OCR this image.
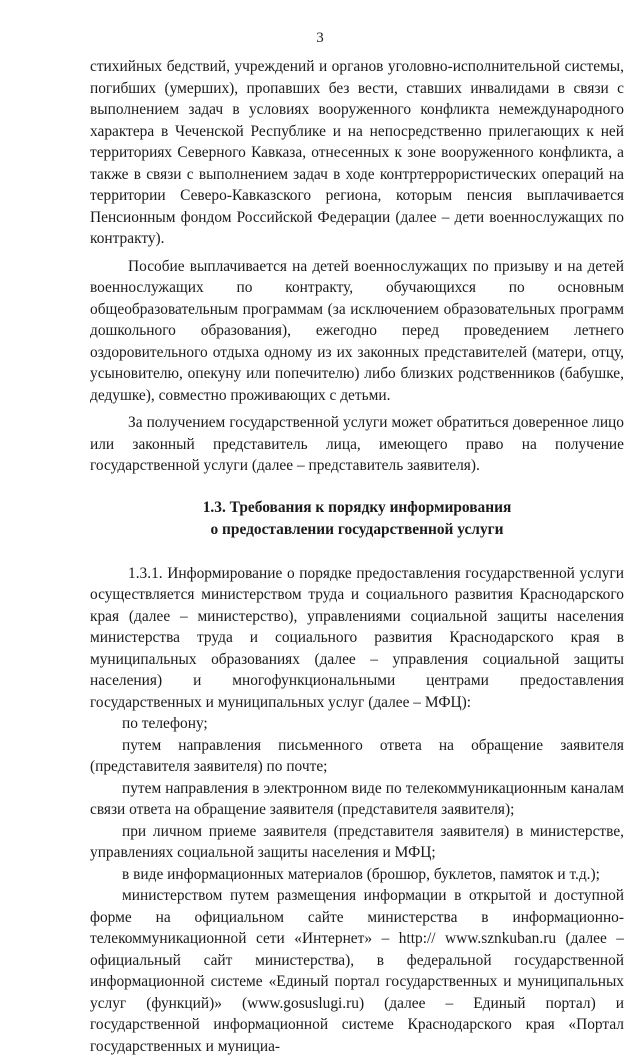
3

стихийных бедствий, учреждений и органов уголовно-исполнительной системы, погибших (умерших), пропавших без вести, ставших инвалидами в связи с выполнением задач в условиях вооруженного конфликта немеждународного характера в Чеченской Республике и на непосредственно прилегающих к ней территориях Северного Кавказа, отнесенных к зоне вооруженного конфликта, а также в связи с выполнением задач в ходе контртеррористических операций на территории Северо-Кавказского региона, которым пенсия выплачивается Пенсионным фондом Российской Федерации (далее – дети военнослужащих по контракту).

Пособие выплачивается на детей военнослужащих по призыву и на детей военнослужащих по контракту, обучающихся по основным общеобразовательным программам (за исключением образовательных программ дошкольного образования), ежегодно перед проведением летнего оздоровительного отдыха одному из их законных представителей (матери, отцу, усыновителю, опекуну или попечителю) либо близких родственников (бабушке, дедушке), совместно проживающих с детьми.

За получением государственной услуги может обратиться доверенное лицо или законный представитель лица, имеющего право на получение государственной услуги (далее – представитель заявителя).

1.3. Требования к порядку информирования
о предоставлении государственной услуги

1.3.1. Информирование о порядке предоставления государственной услуги осуществляется министерством труда и социального развития Краснодарского края (далее – министерство), управлениями социальной защиты населения министерства труда и социального развития Краснодарского края в муниципальных образованиях (далее – управления социальной защиты населения) и многофункциональными центрами предоставления государственных и муниципальных услуг (далее – МФЦ):

по телефону;

путем направления письменного ответа на обращение заявителя (представителя заявителя) по почте;

путем направления в электронном виде по телекоммуникационным каналам связи ответа на обращение заявителя (представителя заявителя);

при личном приеме заявителя (представителя заявителя) в министерстве, управлениях социальной защиты населения и МФЦ;

в виде информационных материалов (брошюр, буклетов, памяток и т.д.);

министерством путем размещения информации в открытой и доступной форме на официальном сайте министерства в информационно-телекоммуникационной сети «Интернет» – http:// www.sznkuban.ru (далее – официальный сайт министерства), в федеральной государственной информационной системе «Единый портал государственных и муниципальных услуг (функций)» (www.gosuslugi.ru) (далее – Единый портал) и государственной информационной системе Краснодарского края «Портал государственных и мунициа-
